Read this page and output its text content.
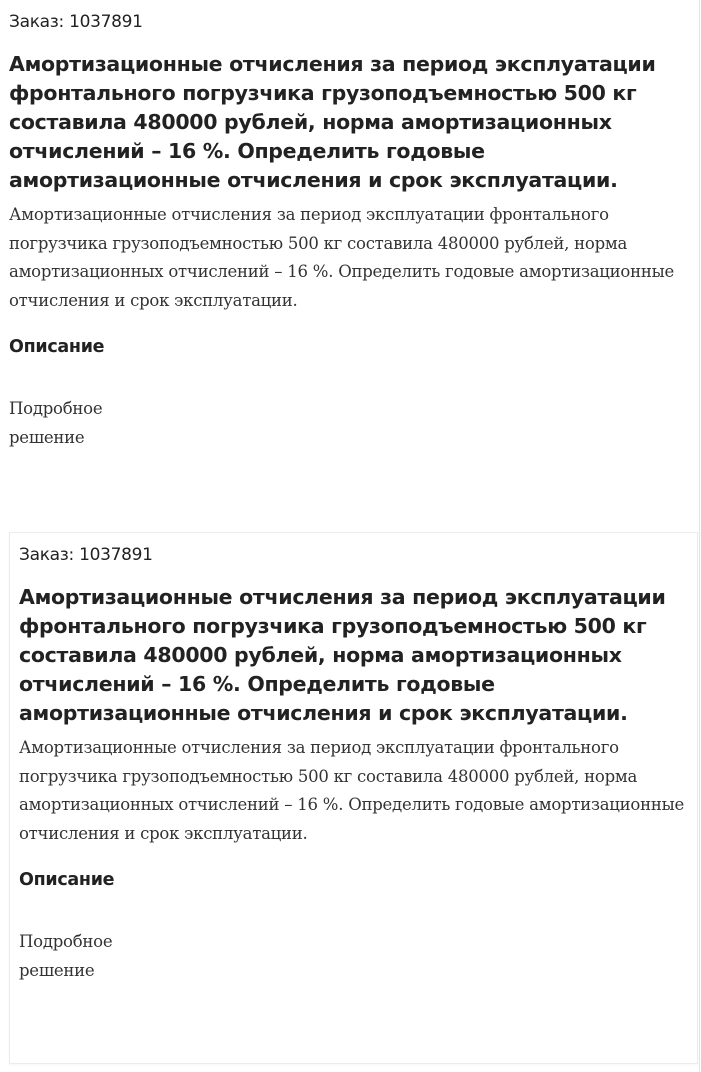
Заказ: 1037891

Амортизационные отчисления за период эксплуатации фронтального погрузчика грузоподъемностью 500 кг составила 480000 рублей, норма амортизационных отчислений – 16 %. Определить годовые амортизационные отчисления и срок эксплуатации.

Амортизационные отчисления за период эксплуатации фронтального погрузчика грузоподъемностью 500 кг составила 480000 рублей, норма амортизационных отчислений – 16 %. Определить годовые амортизационные отчисления и срок эксплуатации.

Описание

Подробное решение

Заказ: 1037891

Амортизационные отчисления за период эксплуатации фронтального погрузчика грузоподъемностью 500 кг составила 480000 рублей, норма амортизационных отчислений – 16 %. Определить годовые амортизационные отчисления и срок эксплуатации.

Амортизационные отчисления за период эксплуатации фронтального погрузчика грузоподъемностью 500 кг составила 480000 рублей, норма амортизационных отчислений – 16 %. Определить годовые амортизационные отчисления и срок эксплуатации.

Описание

Подробное решение
